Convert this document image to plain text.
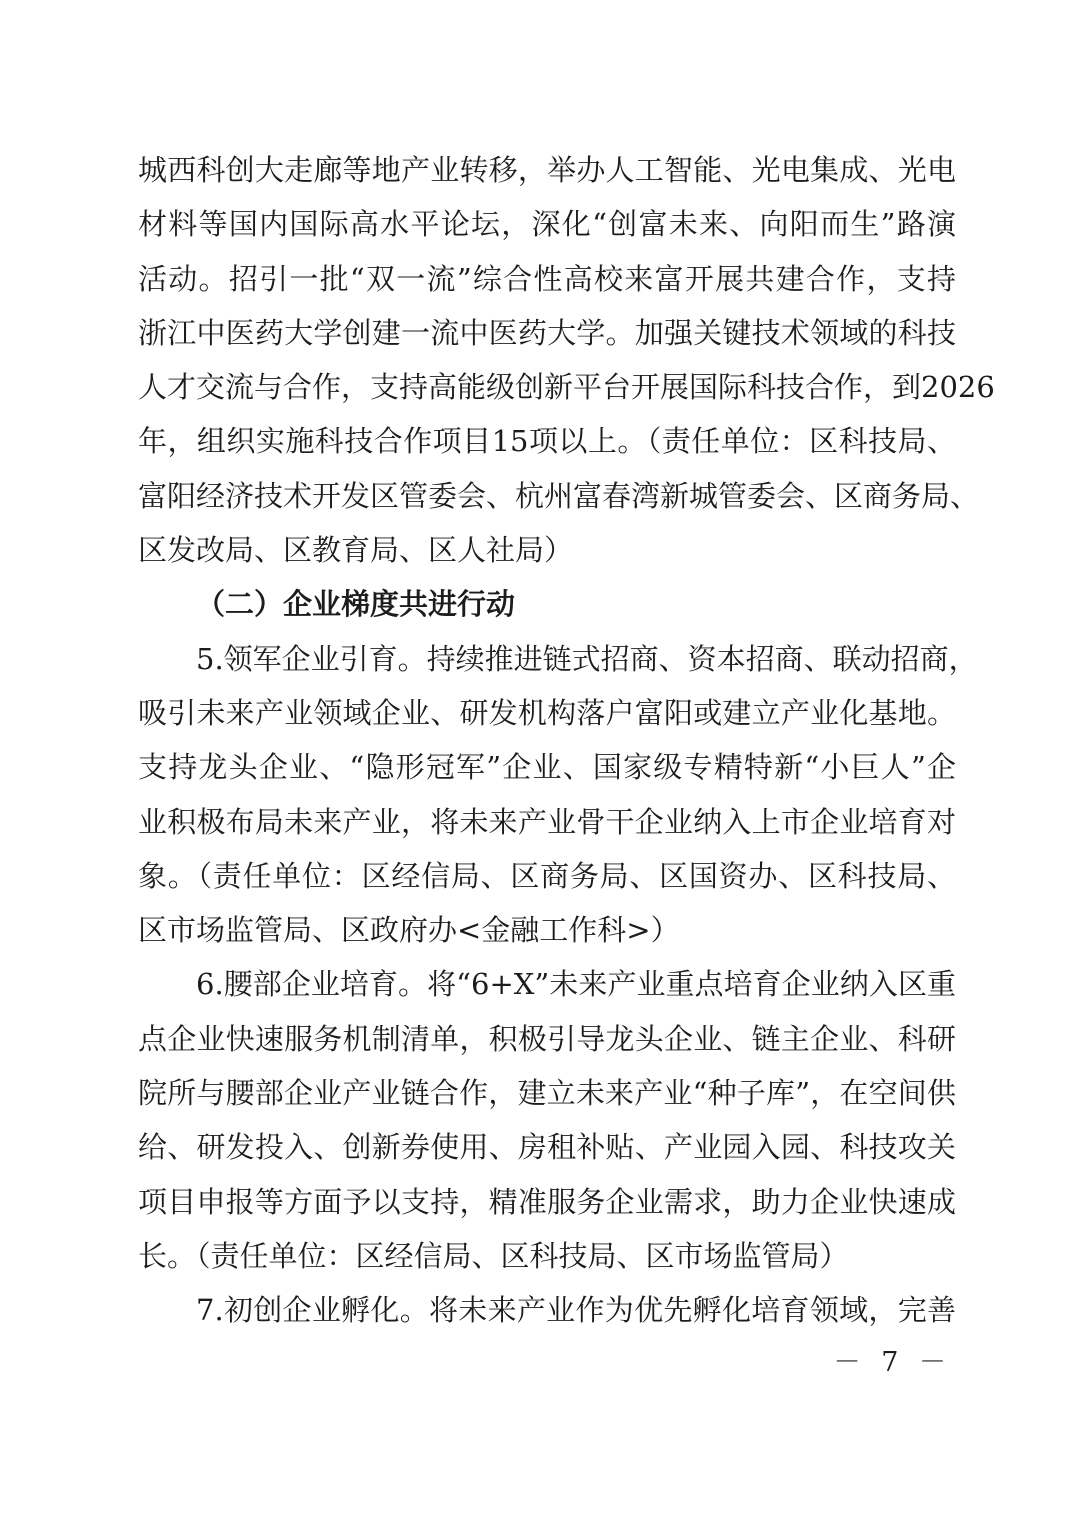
城西科创大走廊等地产业转移，举办人工智能、光电集成、光电
材料等国内国际高水平论坛，深化“创富未来、向阳而生”路演
活动。招引一批“双一流”综合性高校来富开展共建合作，支持
浙江中医药大学创建一流中医药大学。加强关键技术领域的科技
人才交流与合作，支持高能级创新平台开展国际科技合作，到2026
年，组织实施科技合作项目15项以上。（责任单位：区科技局、
富阳经济技术开发区管委会、杭州富春湾新城管委会、区商务局、
区发改局、区教育局、区人社局）
（二）企业梯度共进行动
5.领军企业引育。持续推进链式招商、资本招商、联动招商，
吸引未来产业领域企业、研发机构落户富阳或建立产业化基地。
支持龙头企业、“隐形冠军”企业、国家级专精特新“小巨人”企
业积极布局未来产业，将未来产业骨干企业纳入上市企业培育对
象。（责任单位：区经信局、区商务局、区国资办、区科技局、
区市场监管局、区政府办<金融工作科>）
6.腰部企业培育。将“6+X”未来产业重点培育企业纳入区重
点企业快速服务机制清单，积极引导龙头企业、链主企业、科研
院所与腰部企业产业链合作，建立未来产业“种子库”，在空间供
给、研发投入、创新券使用、房租补贴、产业园入园、科技攻关
项目申报等方面予以支持，精准服务企业需求，助力企业快速成
长。（责任单位：区经信局、区科技局、区市场监管局）
7.初创企业孵化。将未来产业作为优先孵化培育领域，完善
－ 7 －
